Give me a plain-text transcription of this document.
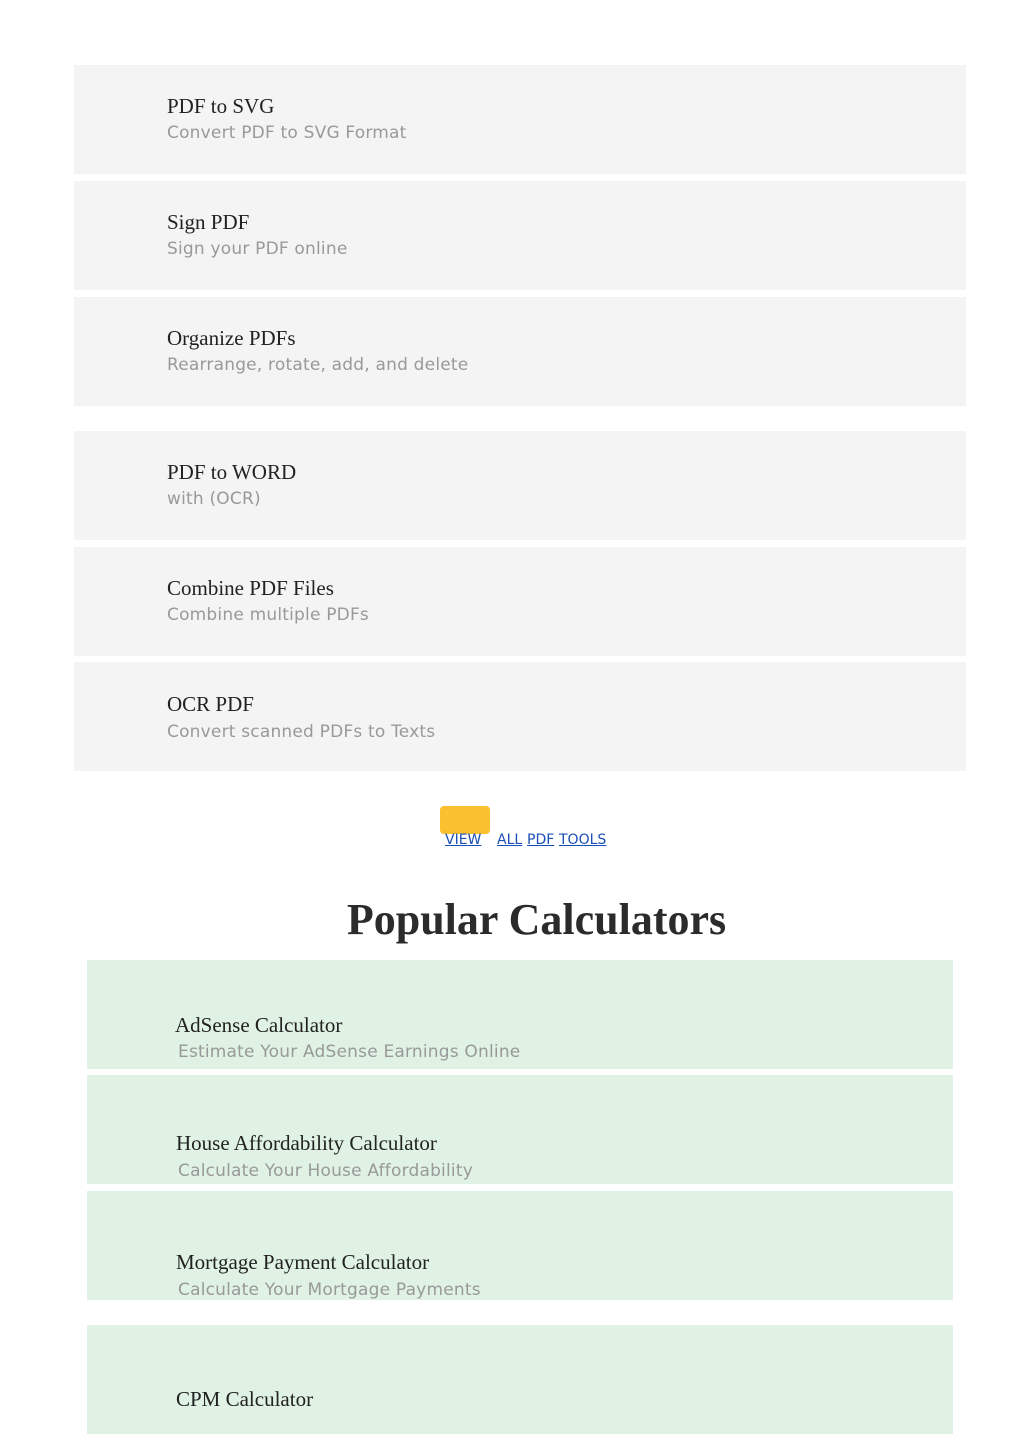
PDF to SVG
Convert PDF to SVG Format
Sign PDF
Sign your PDF online
Organize PDFs
Rearrange, rotate, add, and delete
PDF to WORD
with (OCR)
Combine PDF Files
Combine multiple PDFs
OCR PDF
Convert scanned PDFs to Texts
VIEW ALL PDF TOOLS
Popular Calculators
AdSense Calculator
Estimate Your AdSense Earnings Online
House Affordability Calculator
Calculate Your House Affordability
Mortgage Payment Calculator
Calculate Your Mortgage Payments
CPM Calculator
